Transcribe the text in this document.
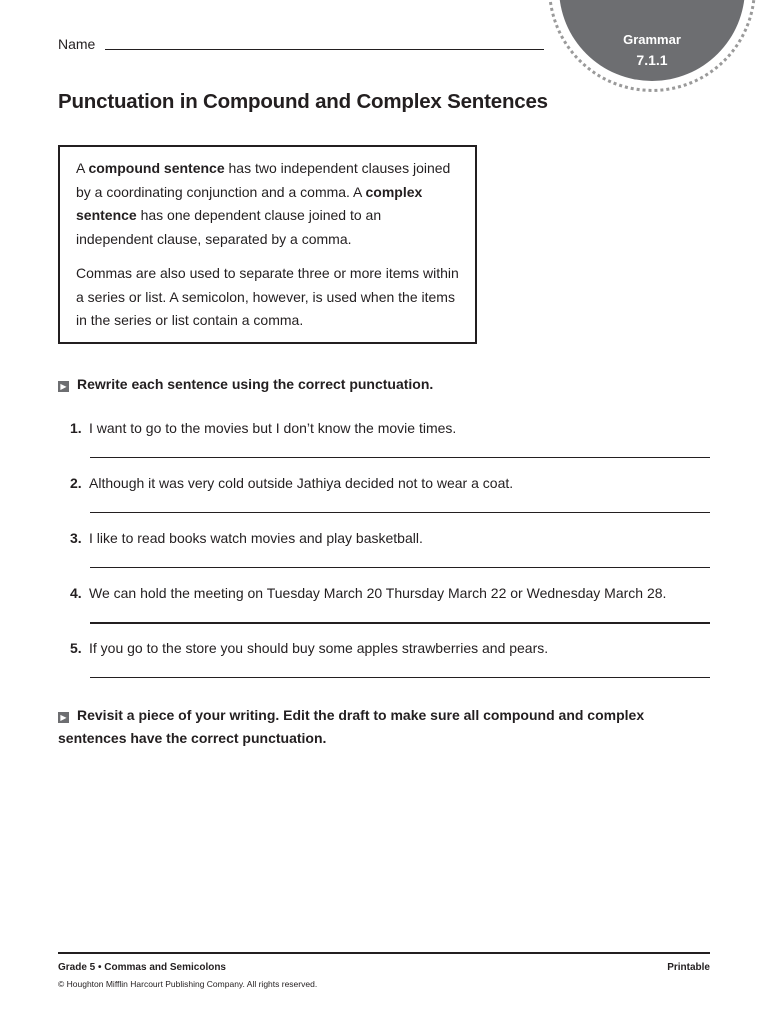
Grammar
7.1.1
Name
Punctuation in Compound and Complex Sentences

A compound sentence has two independent clauses joined by a coordinating conjunction and a comma. A complex sentence has one dependent clause joined to an independent clause, separated by a comma.

Commas are also used to separate three or more items within a series or list. A semicolon, however, is used when the items in the series or list contain a comma.

▶ Rewrite each sentence using the correct punctuation.
1. I want to go to the movies but I don’t know the movie times.
2. Although it was very cold outside Jathiya decided not to wear a coat.
3. I like to read books watch movies and play basketball.
4. We can hold the meeting on Tuesday March 20 Thursday March 22 or Wednesday March 28.
5. If you go to the store you should buy some apples strawberries and pears.
▶ Revisit a piece of your writing. Edit the draft to make sure all compound and complex sentences have the correct punctuation.
Grade 5 • Commas and Semicolons	Printable
© Houghton Mifflin Harcourt Publishing Company. All rights reserved.
